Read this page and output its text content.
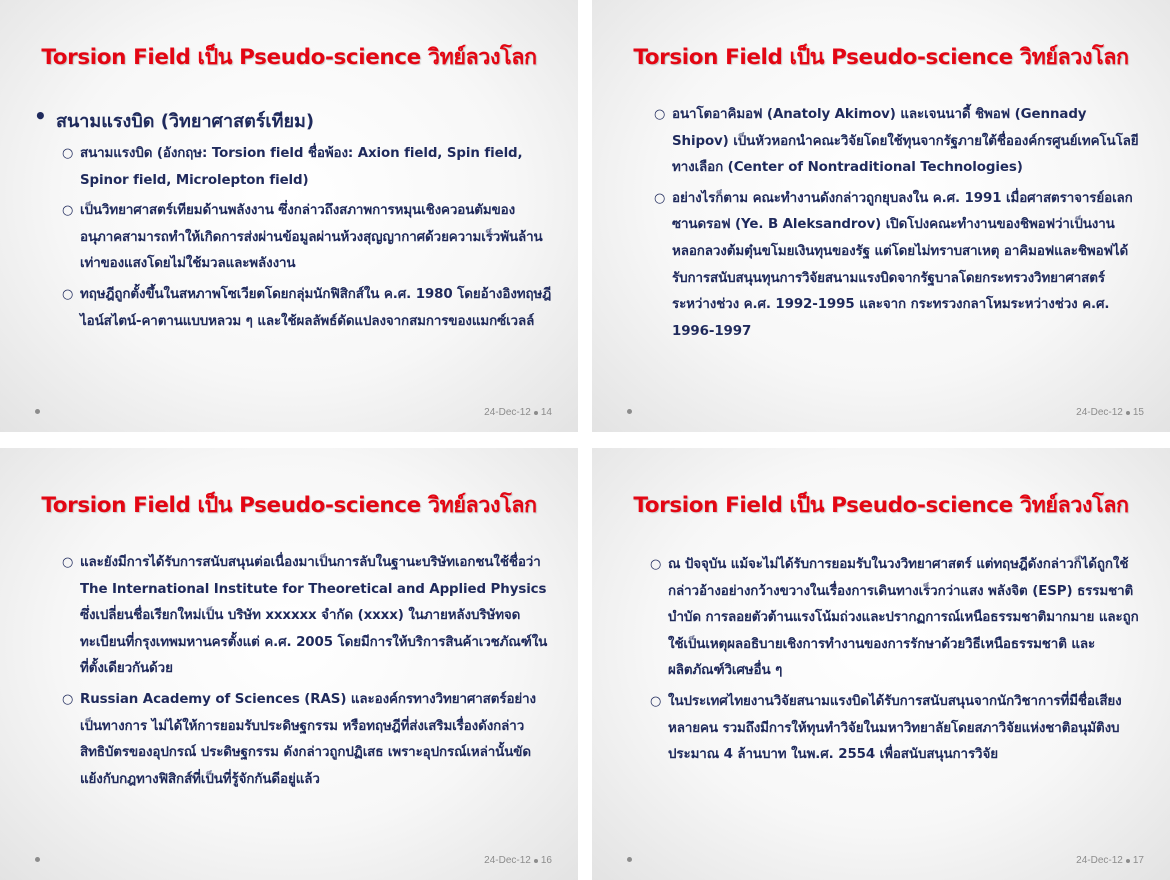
Torsion Field เป็น Pseudo-science วิทย์ลวงโลก
• สนามแรงบิด (วิทยาศาสตร์เทียม)
○ สนามแรงบิด (อังกฤษ: Torsion field ชื่อพ้อง: Axion field, Spin field, Spinor field, Microlepton field)
○ เป็นวิทยาศาสตร์เทียมด้านพลังงาน ซึ่งกล่าวถึงสภาพการหมุนเชิงควอนตัมของอนุภาคสามารถทำให้เกิดการส่งผ่านข้อมูลผ่านห้วงสุญญากาศด้วยความเร็วพันล้านเท่าของแสงโดยไม่ใช้มวลและพลังงาน
○ ทฤษฎีถูกตั้งขึ้นในสหภาพโซเวียตโดยกลุ่มนักฟิสิกส์ใน ค.ศ. 1980 โดยอ้างอิงทฤษฎีไอน์สไตน์-คาตานแบบหลวม ๆ และใช้ผลลัพธ์ดัดแปลงจากสมการของแมกซ์เวลล์
24-Dec-12 14
Torsion Field เป็น Pseudo-science วิทย์ลวงโลก
○ อนาโตอาคิมอฟ (Anatoly Akimov) และเจนนาดี้ ชิพอฟ (Gennady Shipov) เป็นหัวหอกนำคณะวิจัยโดยใช้ทุนจากรัฐภายใต้ชื่อองค์กรศูนย์เทคโนโลยีทางเลือก (Center of Nontraditional Technologies)
○ อย่างไรก็ตาม คณะทำงานดังกล่าวถูกยุบลงใน ค.ศ. 1991 เมื่อศาสตราจารย์อเลกซานดรอฟ (Ye. B Aleksandrov) เปิดโปงคณะทำงานของชิพอฟว่าเป็นงานหลอกลวงต้มตุ๋นขโมยเงินทุนของรัฐ แต่โดยไม่ทราบสาเหตุ อาคิมอฟและชิพอฟได้รับการสนับสนุนทุนการวิจัยสนามแรงบิดจากรัฐบาลโดยกระทรวงวิทยาศาสตร์ระหว่างช่วง ค.ศ. 1992-1995 และจาก กระทรวงกลาโหมระหว่างช่วง ค.ศ. 1996-1997
24-Dec-12 15
Torsion Field เป็น Pseudo-science วิทย์ลวงโลก
○ และยังมีการได้รับการสนับสนุนต่อเนื่องมาเป็นการลับในฐานะบริษัทเอกชนใช้ชื่อว่า The International Institute for Theoretical and Applied Physics ซึ่งเปลี่ยนชื่อเรียกใหม่เป็น บริษัท xxxxxx จำกัด (xxxx) ในภายหลังบริษัทจดทะเบียนที่กรุงเทพมหานครตั้งแต่ ค.ศ. 2005 โดยมีการให้บริการสินค้าเวชภัณฑ์ในที่ตั้งเดียวกันด้วย
○ Russian Academy of Sciences (RAS) และองค์กรทางวิทยาศาสตร์อย่างเป็นทางการ ไม่ได้ให้การยอมรับประดิษฐกรรม หรือทฤษฎีที่ส่งเสริมเรื่องดังกล่าว สิทธิบัตรของอุปกรณ์ ประดิษฐกรรม ดังกล่าวถูกปฏิเสธ เพราะอุปกรณ์เหล่านั้นขัดแย้งกับกฎทางฟิสิกส์ที่เป็นที่รู้จักกันดีอยู่แล้ว
24-Dec-12 16
Torsion Field เป็น Pseudo-science วิทย์ลวงโลก
○ ณ ปัจจุบัน แม้จะไม่ได้รับการยอมรับในวงวิทยาศาสตร์ แต่ทฤษฎีดังกล่าวก็ได้ถูกใช้กล่าวอ้างอย่างกว้างขวางในเรื่องการเดินทางเร็วกว่าแสง พลังจิต (ESP) ธรรมชาติบำบัด การลอยตัวต้านแรงโน้มถ่วงและปรากฏการณ์เหนือธรรมชาติมากมาย และถูกใช้เป็นเหตุผลอธิบายเชิงการทำงานของการรักษาด้วยวิธีเหนือธรรมชาติ และผลิตภัณฑ์วิเศษอื่น ๆ
○ ในประเทศไทยงานวิจัยสนามแรงบิดได้รับการสนับสนุนจากนักวิชาการที่มีชื่อเสียงหลายคน รวมถึงมีการให้ทุนทำวิจัยในมหาวิทยาลัยโดยสภาวิจัยแห่งชาติอนุมัติงบประมาณ 4 ล้านบาท ในพ.ศ. 2554 เพื่อสนับสนุนการวิจัย
24-Dec-12 17
